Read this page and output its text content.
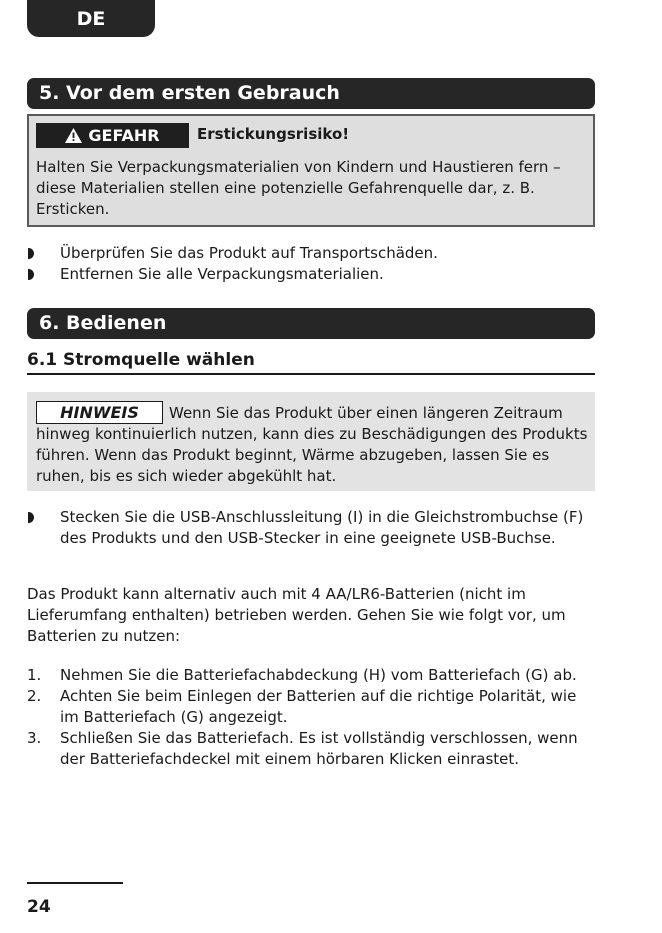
DE
5. Vor dem ersten Gebrauch
GEFAHR Erstickungsrisiko!
Halten Sie Verpackungsmaterialien von Kindern und Haustieren fern – diese Materialien stellen eine potenzielle Gefahrenquelle dar, z. B. Ersticken.
Überprüfen Sie das Produkt auf Transportschäden.
Entfernen Sie alle Verpackungsmaterialien.
6. Bedienen
6.1 Stromquelle wählen
HINWEIS	Wenn Sie das Produkt über einen längeren Zeitraum hinweg kontinuierlich nutzen, kann dies zu Beschädigungen des Produkts führen. Wenn das Produkt beginnt, Wärme abzugeben, lassen Sie es ruhen, bis es sich wieder abgekühlt hat.
Stecken Sie die USB-Anschlussleitung (I) in die Gleichstrombuchse (F) des Produkts und den USB-Stecker in eine geeignete USB-Buchse.
Das Produkt kann alternativ auch mit 4 AA/LR6-Batterien (nicht im Lieferumfang enthalten) betrieben werden. Gehen Sie wie folgt vor, um Batterien zu nutzen:
1. Nehmen Sie die Batteriefachabdeckung (H) vom Batteriefach (G) ab.
2. Achten Sie beim Einlegen der Batterien auf die richtige Polarität, wie im Batteriefach (G) angezeigt.
3. Schließen Sie das Batteriefach. Es ist vollständig verschlossen, wenn der Batteriefachdeckel mit einem hörbaren Klicken einrastet.
24
